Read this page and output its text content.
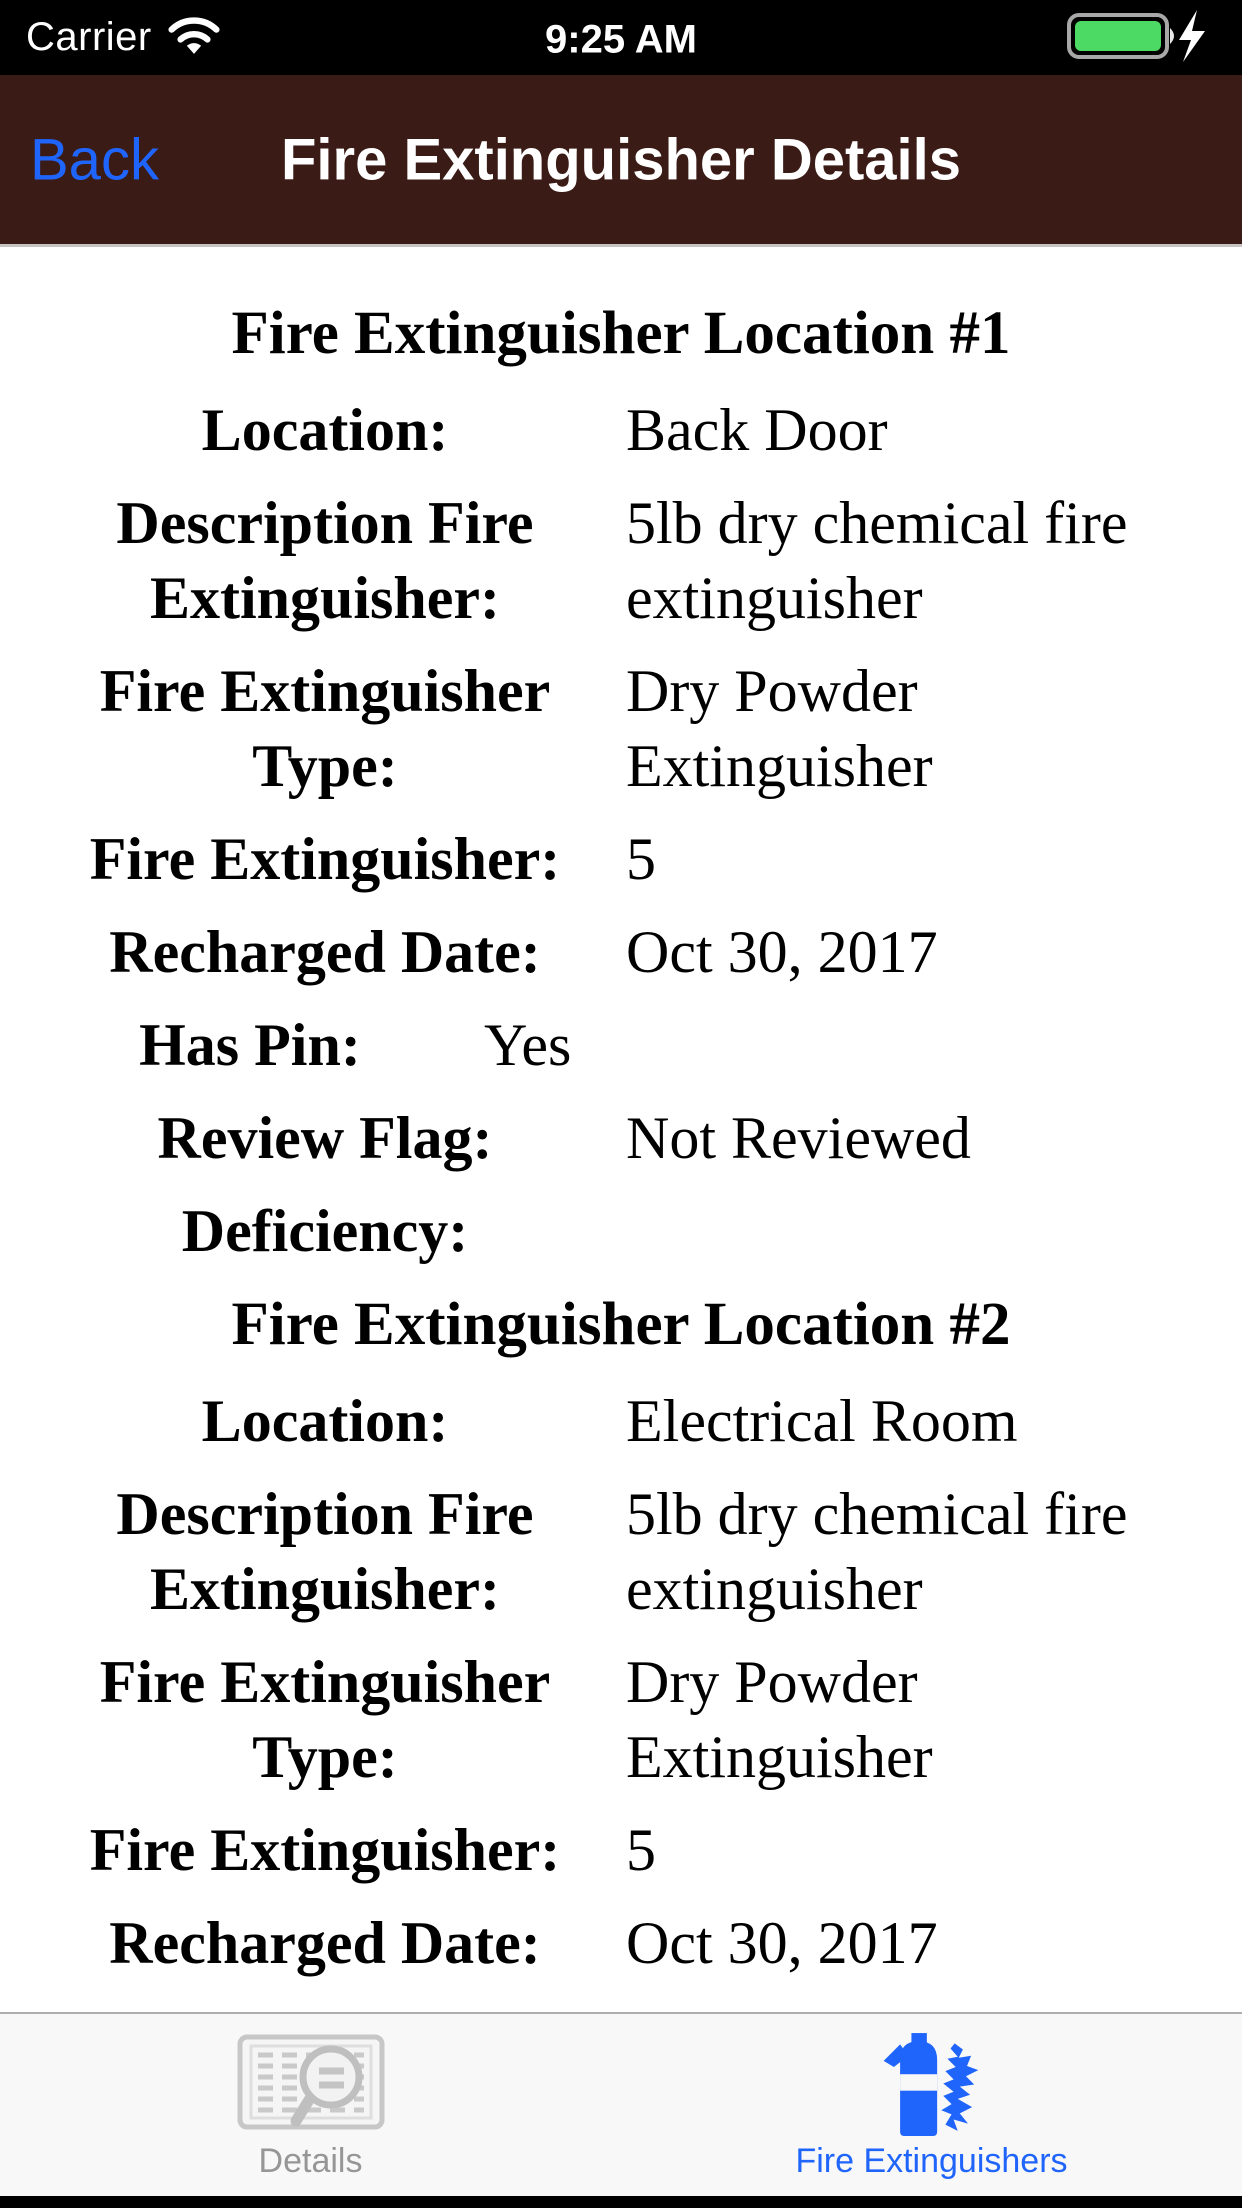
Carrier	9:25 AM
Back Fire Extinguisher Details
Fire Extinguisher Location #1
Location:	Back Door
Description Fire Extinguisher:
5lb dry chemical fire extinguisher
Fire Extinguisher Type:
Dry Powder Extinguisher
Fire Extinguisher:	5
Recharged Date:	Oct 30, 2017
Has Pin:	Yes
Review Flag:	Not Reviewed
Deficiency:
Fire Extinguisher Location #2
Location:	Electrical Room
Description Fire Extinguisher:
5lb dry chemical fire extinguisher
Fire Extinguisher Type:
Dry Powder Extinguisher
Fire Extinguisher:	5
Recharged Date:	Oct 30, 2017
Details	Fire Extinguishers
